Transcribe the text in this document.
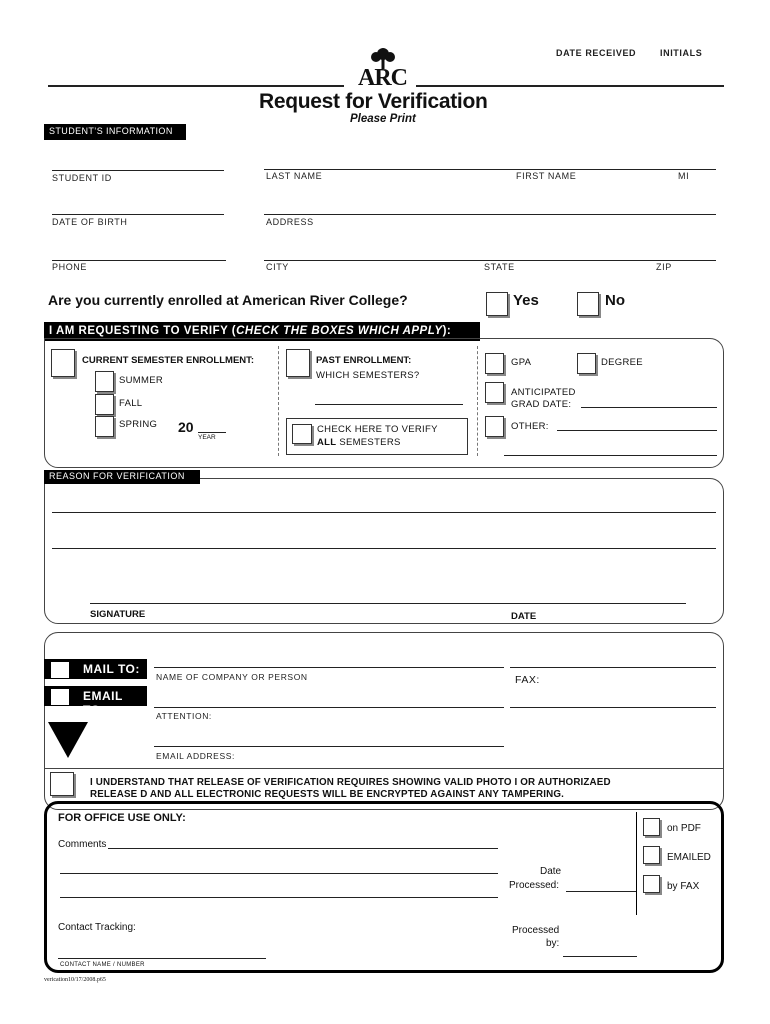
DATE RECEIVED	INITIALS
ARC
Request for Verification
Please Print
STUDENT’S INFORMATION
STUDENT ID	LAST NAME	FIRST NAME	MI
DATE OF BIRTH	ADDRESS
PHONE	CITY	STATE	ZIP
Are you currently enrolled at American River College?	Yes	No
I AM REQUESTING TO VERIFY (CHECK THE BOXES WHICH APPLY):
CURRENT SEMESTER ENROLLMENT:
SUMMER
FALL
SPRING 20
YEAR
PAST ENROLLMENT:
WHICH SEMESTERS?
CHECK HERE TO VERIFY
ALL SEMESTERS
GPA	DEGREE
ANTICIPATED
GRAD DATE:
OTHER:
REASON FOR VERIFICATION
SIGNATURE	DATE
MAIL TO:
EMAIL TO:
NAME OF COMPANY OR PERSON	FAX:
ATTENTION:
EMAIL ADDRESS:
I UNDERSTAND THAT RELEASE OF VERIFICATION REQUIRES SHOWING VALID PHOTO I OR AUTHORIZAED
RELEASE D AND ALL ELECTRONIC REQUESTS WILL BE ENCRYPTED AGAINST ANY TAMPERING.
FOR OFFICE USE ONLY:
Comments
on PDF
EMAILED
by FAX
Date
Processed:
Contact Tracking:	Processed
by:
CONTACT NAME / NUMBER
verication10/17/2008.p65
